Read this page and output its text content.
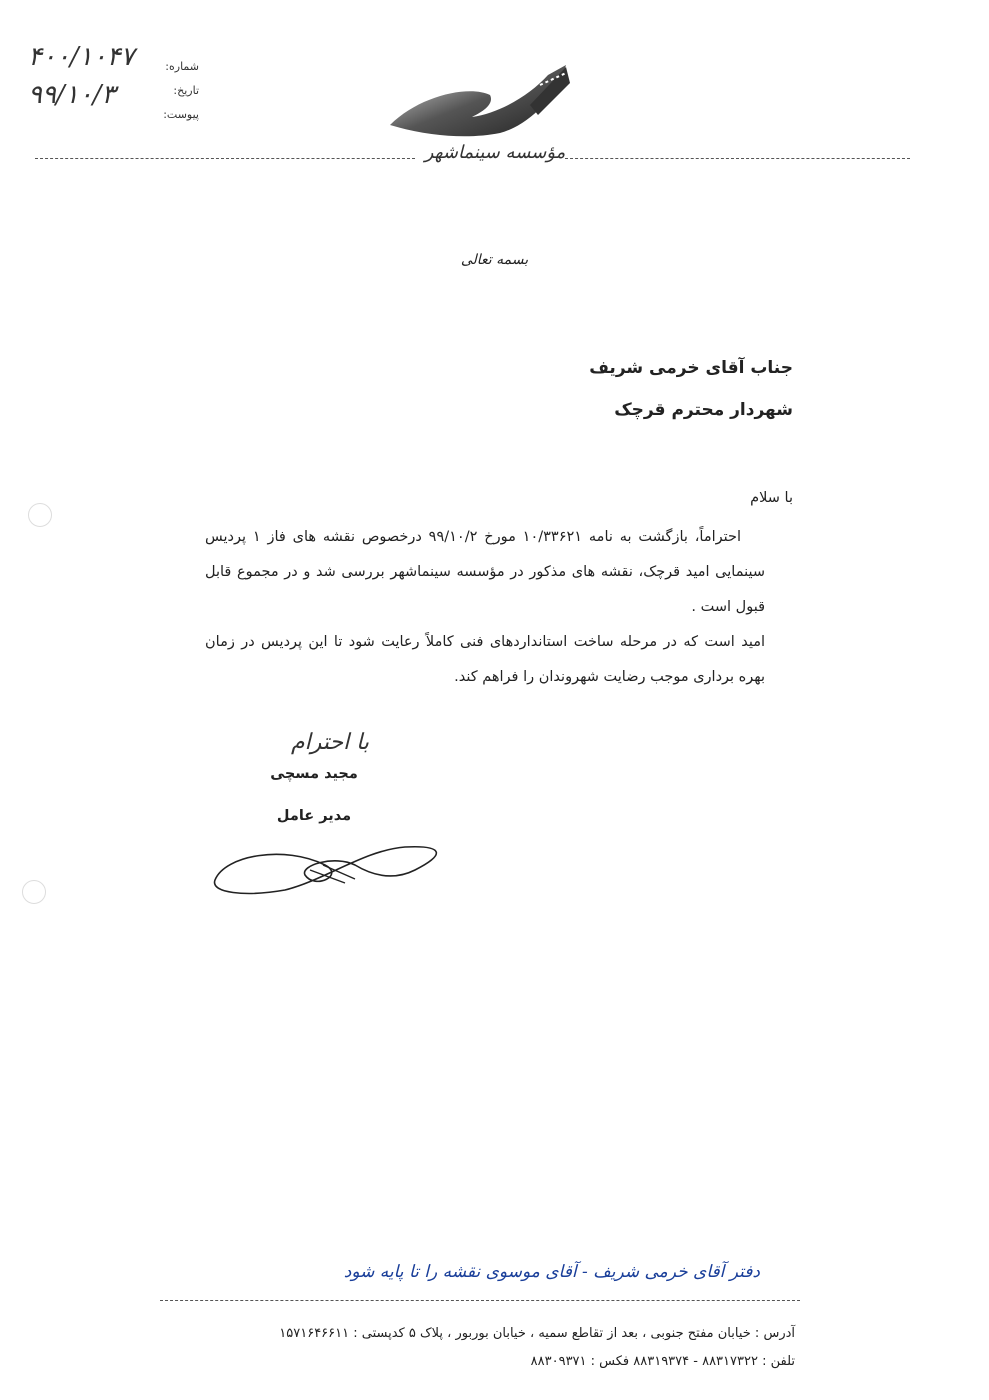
شماره:
تاریخ:
پیوست:
۴۰۰/۱۰۴۷
۹۹/۱۰/۳
مؤسسه سینماشهر
بسمه تعالی
جناب آقای خرمی شریف
شهردار محترم قرچک
با سلام

احتراماً، بازگشت به نامه ۱۰/۳۳۶۲۱ مورخ ۹۹/۱۰/۲ درخصوص نقشه های فاز ۱ پردیس سینمایی امید قرچک، نقشه های مذکور در مؤسسه سینماشهر بررسی شد و در مجموع قابل قبول است .

امید است که در مرحله ساخت استانداردهای فنی کاملاً رعایت شود تا این پردیس در زمان بهره برداری موجب رضایت شهروندان را فراهم کند.

با احترام
مجید مسچی
مدیر عامل
دفتر آقای خرمی شریف - آقای موسوی نقشه را تا پایه شود
آدرس : خیابان مفتح جنوبی ، بعد از تقاطع سمیه ، خیابان بوربور ، پلاک ۵ کدپستی : ۱۵۷۱۶۴۶۶۱۱
تلفن : ۸۸۳۱۷۳۲۲ - ۸۸۳۱۹۳۷۴ فکس : ۸۸۳۰۹۳۷۱
